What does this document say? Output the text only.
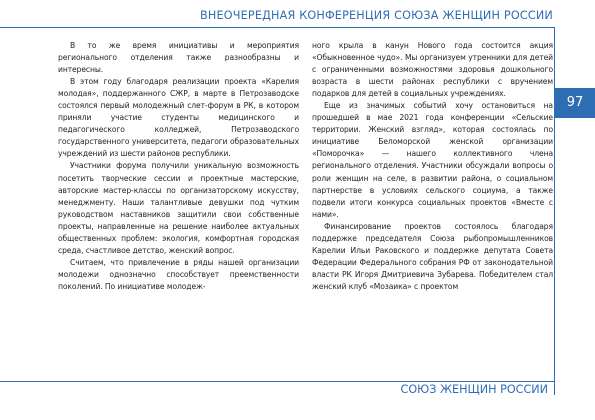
ВНЕОЧЕРЕДНАЯ КОНФЕРЕНЦИЯ СОЮЗА ЖЕНЩИН РОССИИ
97

В то же время инициативы и мероприятия регионального отделения также разнообразны и интересны.

В этом году благодаря реализации проекта «Карелия молодая», поддержанного СЖР, в марте в Петрозаводске состоялся первый молодежный слет-форум в РК, в котором приняли участие студенты медицинского и педагогического колледжей, Петрозаводского государственного университета, педагоги образовательных учреждений из шести районов республики.

Участники форума получили уникальную возможность посетить творческие сессии и проектные мастерские, авторские мастер-классы по организаторскому искусству, менеджменту. Наши талантливые девушки под чутким руководством наставников защитили свои собственные проекты, направленные на решение наиболее актуальных общественных проблем: экология, комфортная городская среда, счастливое детство, женский вопрос.

Считаем, что привлечение в ряды нашей организации молодежи однозначно способствует преемственности поколений. По инициативе молодеж-

ного крыла в канун Нового года состоится акция «Обыкновенное чудо». Мы организуем утренники для детей с ограниченными возможностями здоровья дошкольного возраста в шести районах республики с вручением подарков для детей в социальных учреждениях.

Еще из значимых событий хочу остановиться на прошедшей в мае 2021 года конференции «Сельские территории. Женский взгляд», которая состоялась по инициативе Беломорской женской организации «Поморочка» — нашего коллективного члена регионального отделения. Участники обсуждали вопросы о роли женщин на селе, в развитии района, о социальном партнерстве в условиях сельского социума, а также подвели итоги конкурса социальных проектов «Вместе с нами».

Финансирование проектов состоялось благодаря поддержке председателя Союза рыбопромышленников Карелии Ильи Раковского и поддержке депутата Совета Федерации Федерального собрания РФ от законодательной власти РК Игоря Дмитриевича Зубарева. Победителем стал женский клуб «Мозаика» с проектом

СОЮЗ ЖЕНЩИН РОССИИ
